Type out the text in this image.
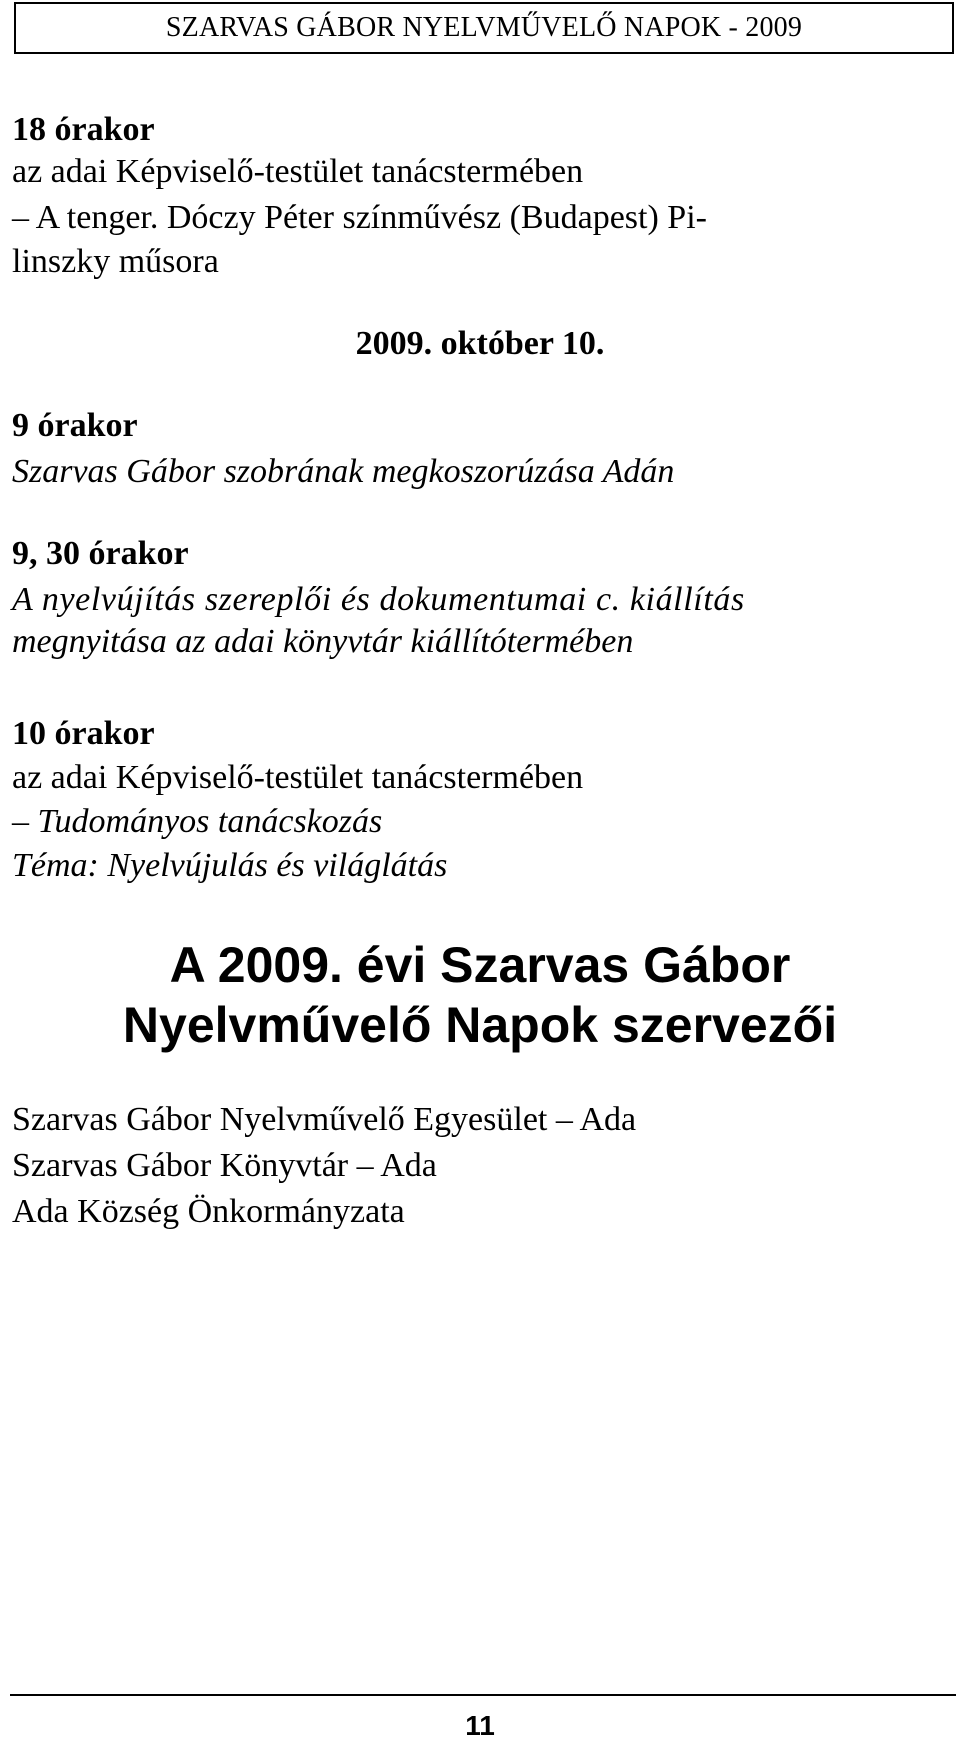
SZARVAS GÁBOR NYELVMŰVELŐ NAPOK - 2009
18 órakor
az adai Képviselő-testület tanácstermében
– A tenger. Dóczy Péter színművész (Budapest) Pi-
linszky műsora
2009. október 10.
9 órakor
Szarvas Gábor szobrának megkoszorúzása Adán
9, 30 órakor
A nyelvújítás szereplői és dokumentumai c. kiállítás
megnyitása az adai könyvtár kiállítótermében
10 órakor
az adai Képviselő-testület tanácstermében
– Tudományos tanácskozás
Téma: Nyelvújulás és világlátás
A 2009. évi Szarvas Gábor
Nyelvművelő Napok szervezői
Szarvas Gábor Nyelvművelő Egyesület – Ada
Szarvas Gábor Könyvtár – Ada
Ada Község Önkormányzata
11
